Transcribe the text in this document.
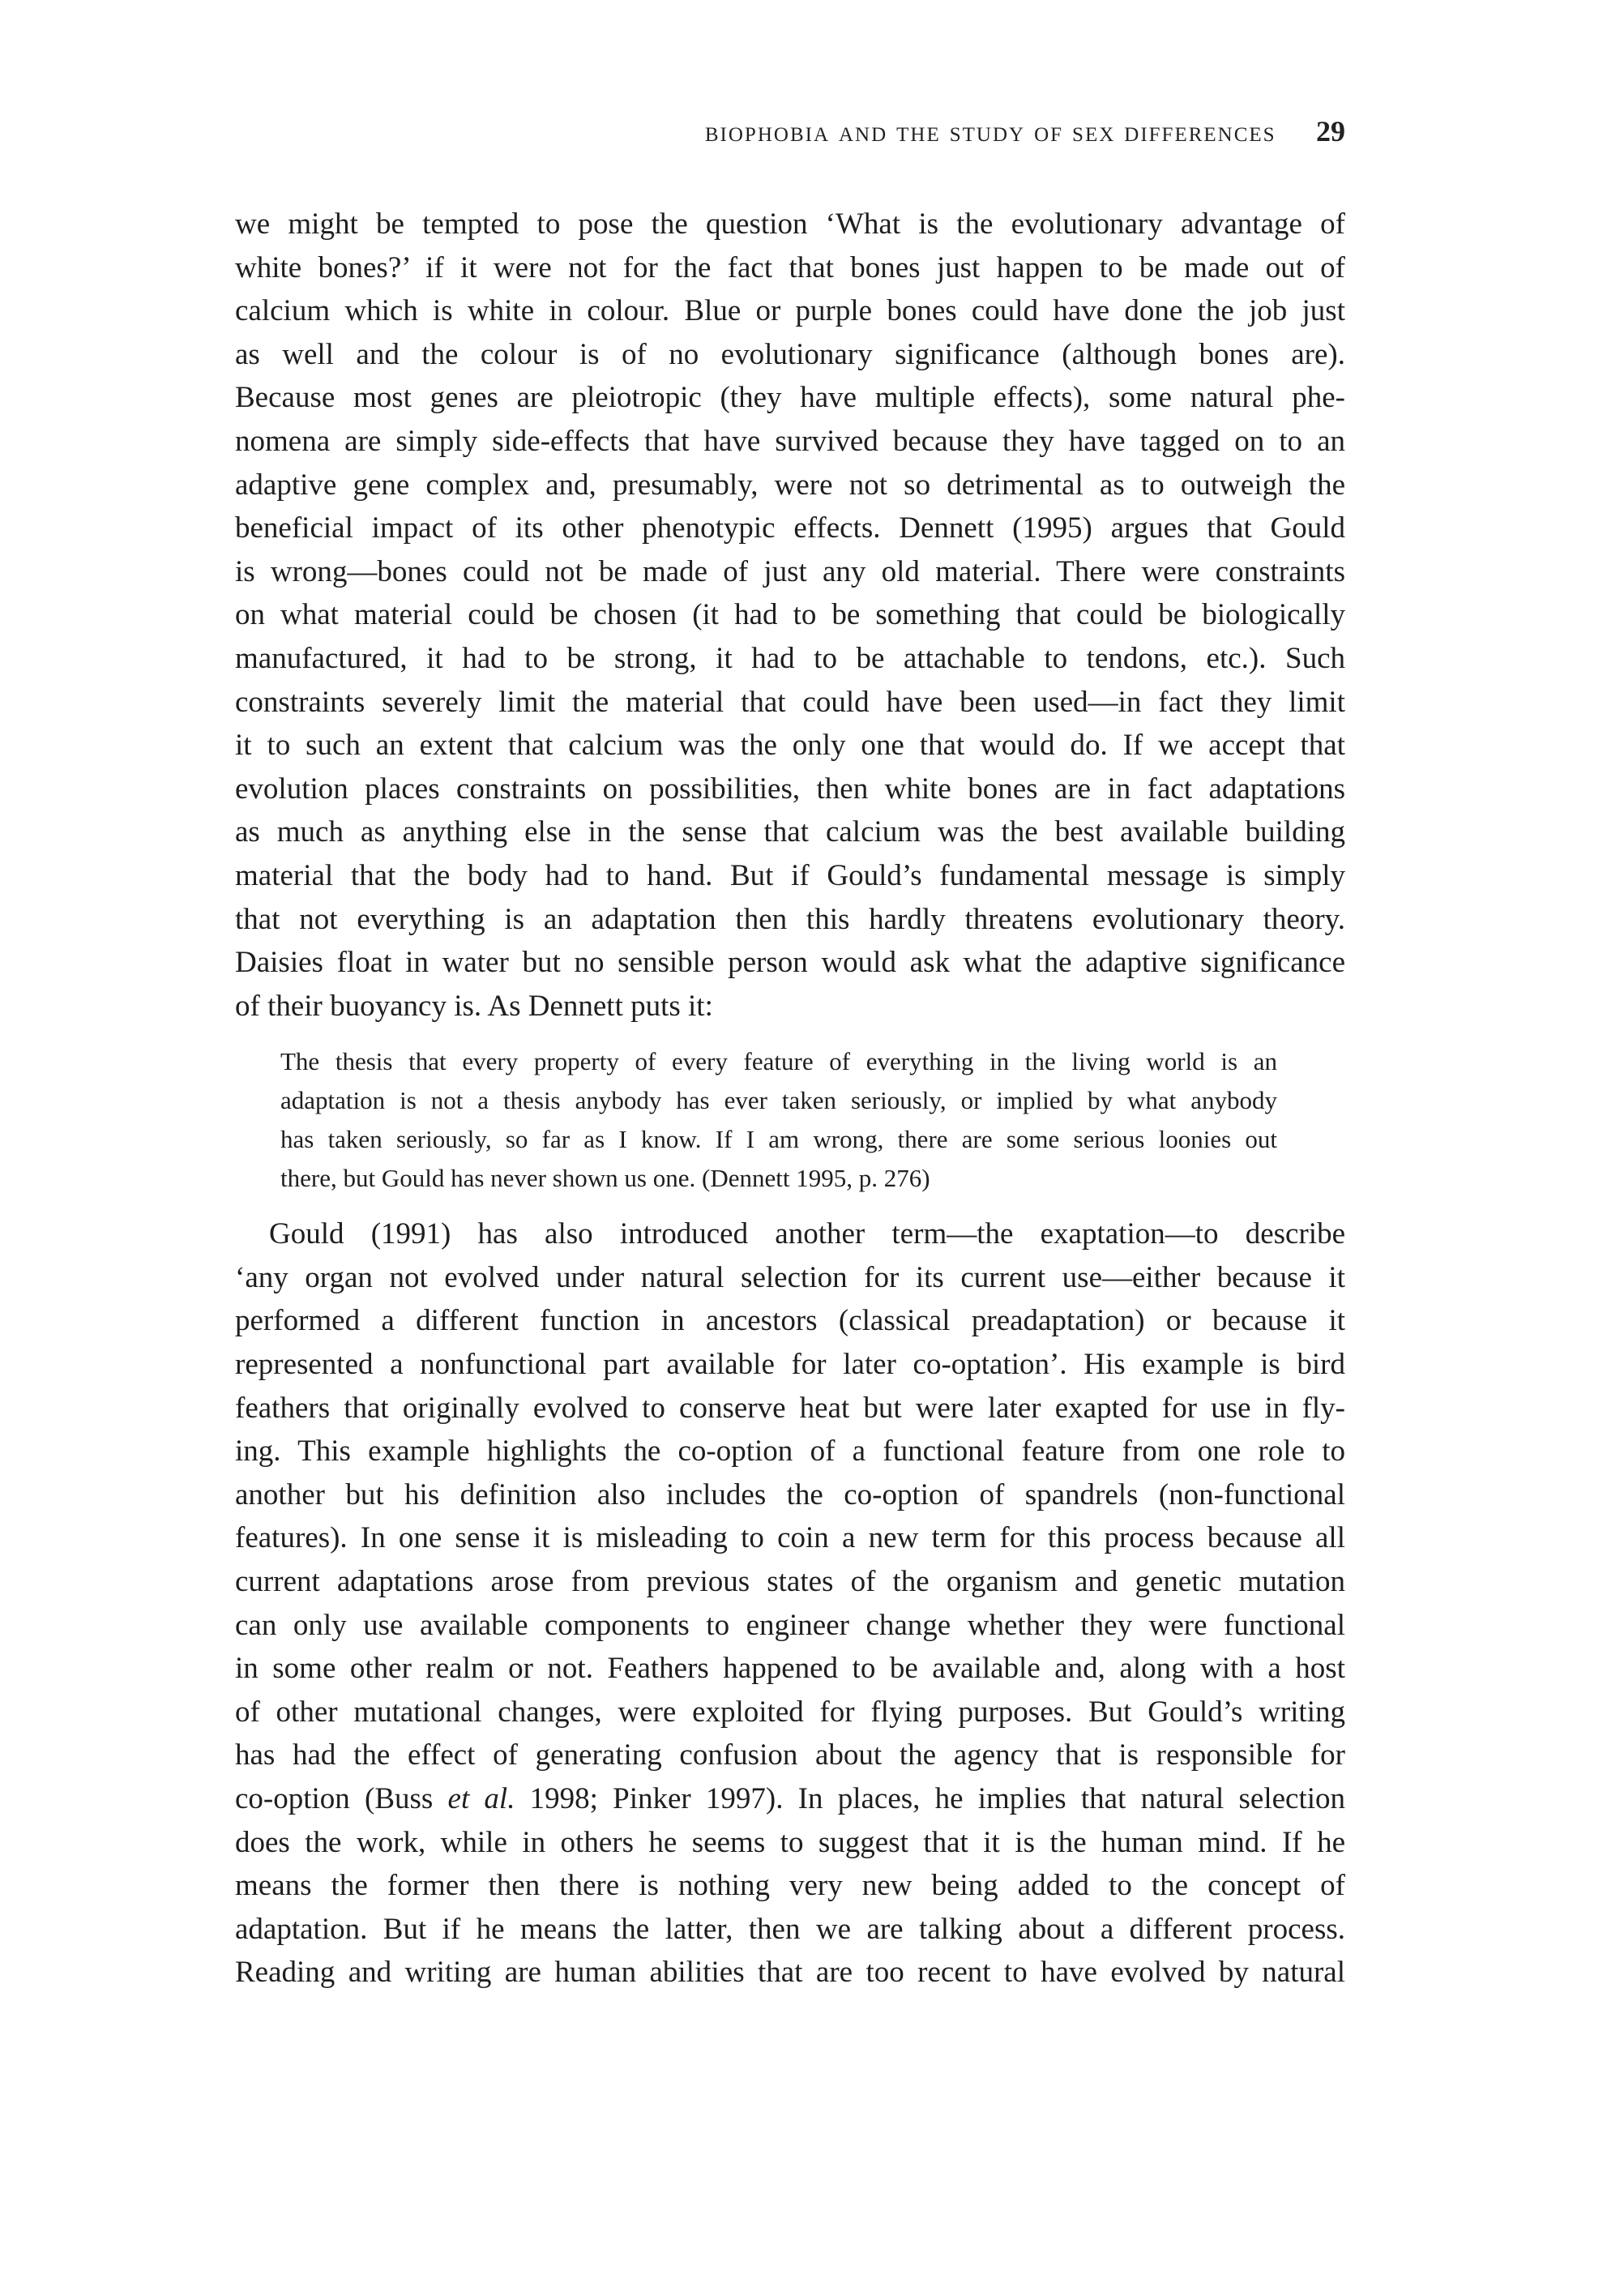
biophobia and the study of sex differences 29

we might be tempted to pose the question ‘What is the evolutionary advantage of
white bones?’ if it were not for the fact that bones just happen to be made out of
calcium which is white in colour. Blue or purple bones could have done the job just
as well and the colour is of no evolutionary significance (although bones are).
Because most genes are pleiotropic (they have multiple effects), some natural phe-
nomena are simply side-effects that have survived because they have tagged on to an
adaptive gene complex and, presumably, were not so detrimental as to outweigh the
beneficial impact of its other phenotypic effects. Dennett (1995) argues that Gould
is wrong—bones could not be made of just any old material. There were constraints
on what material could be chosen (it had to be something that could be biologically
manufactured, it had to be strong, it had to be attachable to tendons, etc.). Such
constraints severely limit the material that could have been used—in fact they limit
it to such an extent that calcium was the only one that would do. If we accept that
evolution places constraints on possibilities, then white bones are in fact adaptations
as much as anything else in the sense that calcium was the best available building
material that the body had to hand. But if Gould’s fundamental message is simply
that not everything is an adaptation then this hardly threatens evolutionary theory.
Daisies float in water but no sensible person would ask what the adaptive significance
of their buoyancy is. As Dennett puts it:

The thesis that every property of every feature of everything in the living world is an
adaptation is not a thesis anybody has ever taken seriously, or implied by what anybody
has taken seriously, so far as I know. If I am wrong, there are some serious loonies out
there, but Gould has never shown us one. (Dennett 1995, p. 276)

Gould (1991) has also introduced another term—the exaptation—to describe
‘any organ not evolved under natural selection for its current use—either because it
performed a different function in ancestors (classical preadaptation) or because it
represented a nonfunctional part available for later co-optation’. His example is bird
feathers that originally evolved to conserve heat but were later exapted for use in fly-
ing. This example highlights the co-option of a functional feature from one role to
another but his definition also includes the co-option of spandrels (non-functional
features). In one sense it is misleading to coin a new term for this process because all
current adaptations arose from previous states of the organism and genetic mutation
can only use available components to engineer change whether they were functional
in some other realm or not. Feathers happened to be available and, along with a host
of other mutational changes, were exploited for flying purposes. But Gould’s writing
has had the effect of generating confusion about the agency that is responsible for
co-option (Buss et al. 1998; Pinker 1997). In places, he implies that natural selection
does the work, while in others he seems to suggest that it is the human mind. If he
means the former then there is nothing very new being added to the concept of
adaptation. But if he means the latter, then we are talking about a different process.
Reading and writing are human abilities that are too recent to have evolved by natural
